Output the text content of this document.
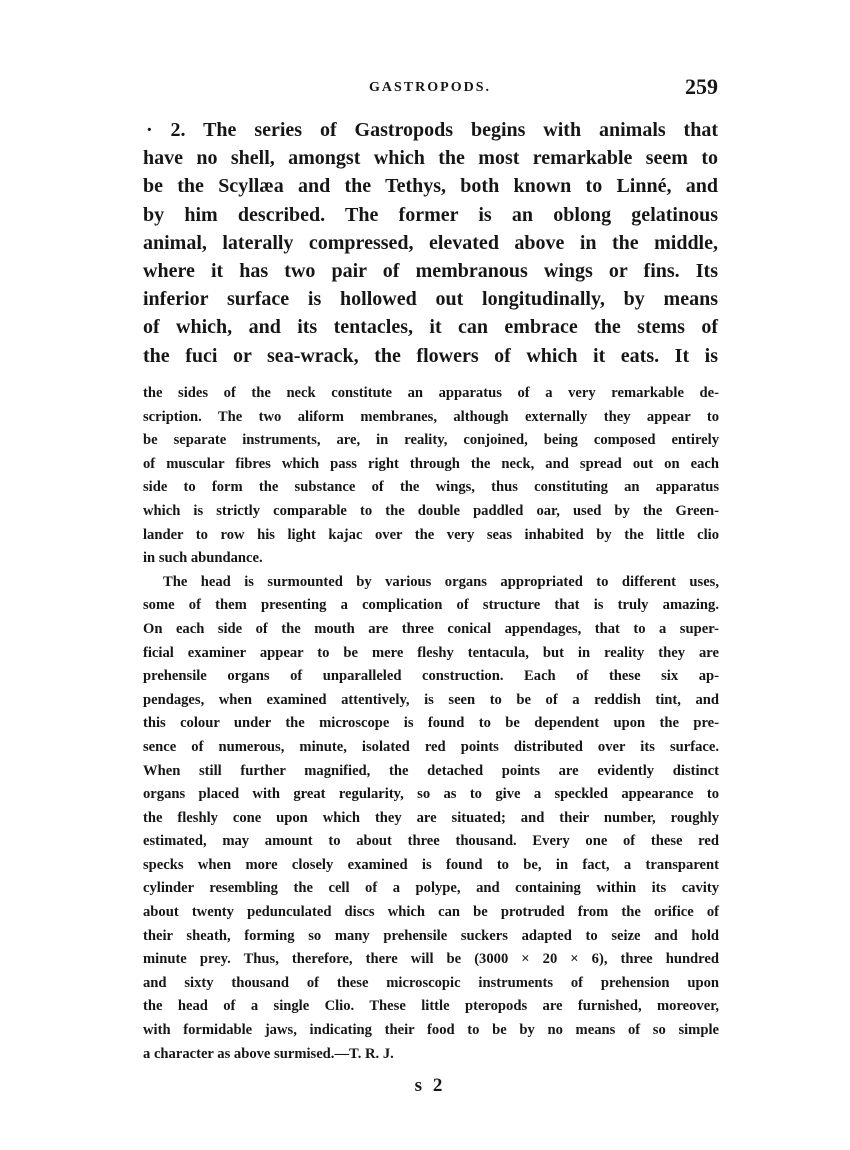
GASTROPODS.	259
· 2. The series of Gastropods begins with animals that
have no shell, amongst which the most remarkable seem to
be the Scyllæa and the Tethys, both known to Linné, and
by him described. The former is an oblong gelatinous
animal, laterally compressed, elevated above in the middle,
where it has two pair of membranous wings or fins. Its
inferior surface is hollowed out longitudinally, by means
of which, and its tentacles, it can embrace the stems of
the fuci or sea-wrack, the flowers of which it eats. It is
the sides of the neck constitute an apparatus of a very remarkable de-
scription. The two aliform membranes, although externally they appear to
be separate instruments, are, in reality, conjoined, being composed entirely
of muscular fibres which pass right through the neck, and spread out on each
side to form the substance of the wings, thus constituting an apparatus
which is strictly comparable to the double paddled oar, used by the Green-
lander to row his light kajac over the very seas inhabited by the little clio
in such abundance.
The head is surmounted by various organs appropriated to different uses,
some of them presenting a complication of structure that is truly amazing.
On each side of the mouth are three conical appendages, that to a super-
ficial examiner appear to be mere fleshy tentacula, but in reality they are
prehensile organs of unparalleled construction. Each of these six ap-
pendages, when examined attentively, is seen to be of a reddish tint, and
this colour under the microscope is found to be dependent upon the pre-
sence of numerous, minute, isolated red points distributed over its surface.
When still further magnified, the detached points are evidently distinct
organs placed with great regularity, so as to give a speckled appearance to
the fleshly cone upon which they are situated; and their number, roughly
estimated, may amount to about three thousand. Every one of these red
specks when more closely examined is found to be, in fact, a transparent
cylinder resembling the cell of a polype, and containing within its cavity
about twenty pedunculated discs which can be protruded from the orifice of
their sheath, forming so many prehensile suckers adapted to seize and hold
minute prey. Thus, therefore, there will be (3000 × 20 × 6), three hundred
and sixty thousand of these microscopic instruments of prehension upon
the head of a single Clio. These little pteropods are furnished, moreover,
with formidable jaws, indicating their food to be by no means of so simple
a character as above surmised.—T. R. J.
s 2
